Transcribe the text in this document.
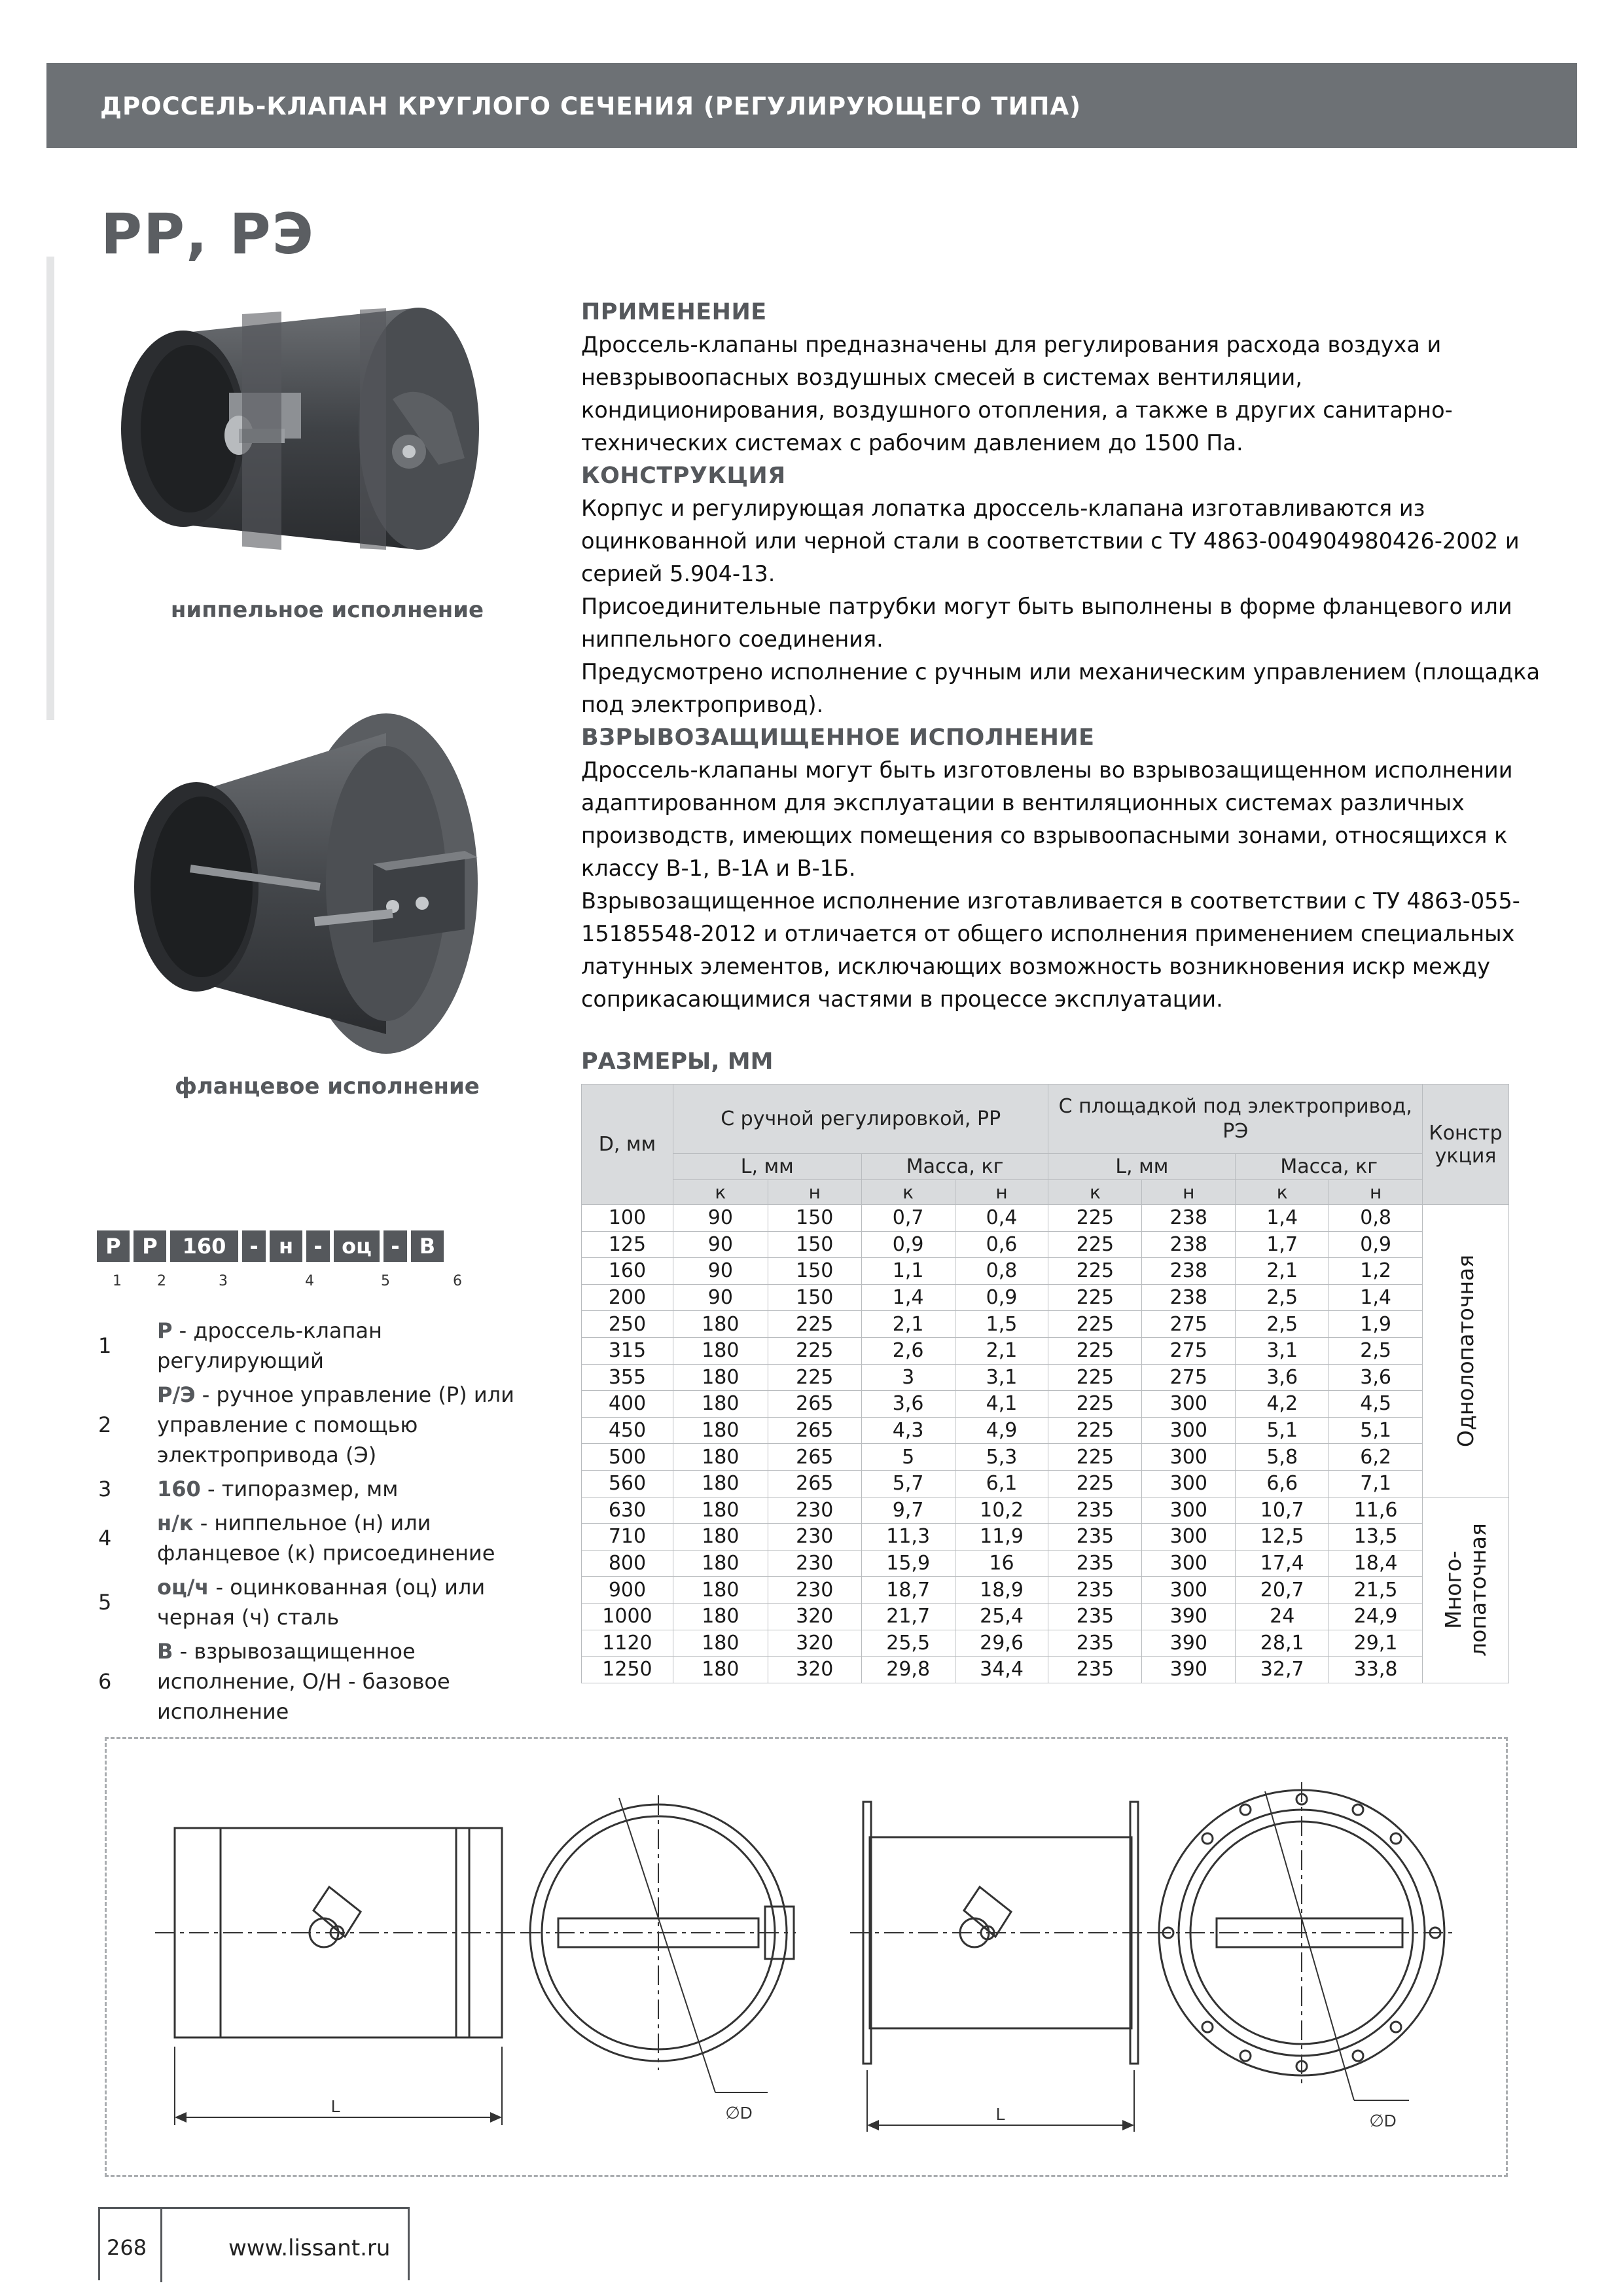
ДРОССЕЛЬ-КЛАПАН КРУГЛОГО СЕЧЕНИЯ (РЕГУЛИРУЮЩЕГО ТИПА)
РР, РЭ
ниппельное исполнение
фланцевое исполнение
ПРИМЕНЕНИЕ
Дроссель-клапаны предназначены для регулирования расхода воздуха и невзрывоопасных воздушных смесей в системах вентиляции, кондиционирования, воздушного отопления, а также в других санитарно-технических системах с рабочим давлением до 1500 Па.
КОНСТРУКЦИЯ
Корпус и регулирующая лопатка дроссель-клапана изготавливаются из оцинкованной или черной стали в соответствии с ТУ 4863-004904980426-2002 и серией 5.904-13.
Присоединительные патрубки могут быть выполнены в форме фланцевого или ниппельного соединения.
Предусмотрено исполнение с ручным или механическим управлением (площадка под электропривод).
ВЗРЫВОЗАЩИЩЕННОЕ ИСПОЛНЕНИЕ
Дроссель-клапаны могут быть изготовлены во взрывозащищенном исполнении адаптированном для эксплуатации в вентиляционных системах различных производств, имеющих помещения со взрывоопасными зонами, относящихся к классу В-1, В-1А и В-1Б.
Взрывозащищенное исполнение изготавливается в соответствии с ТУ 4863-055-15185548-2012 и отличается от общего исполнения применением специальных латунных элементов, исключающих возможность возникновения искр между соприкасающимися частями в процессе эксплуатации.
РАЗМЕРЫ, ММ
D, мм	С ручной регулировкой, РР				С площадкой под электропривод, РЭ				Конструкция
	L, мм		Масса, кг		L, мм		Масса, кг		
	к	н	к	н	к	н	к	н	
100	90	150	0,7	0,4	225	238	1,4	0,8	Однолопаточная

125	90	150	0,9	0,6	225	238	1,7	0,9	
160	90	150	1,1	0,8	225	238	2,1	1,2	
200	90	150	1,4	0,9	225	238	2,5	1,4	
250	180	225	2,1	1,5	225	275	2,5	1,9	
315	180	225	2,6	2,1	225	275	3,1	2,5	
355	180	225	3	3,1	225	275	3,6	3,6	
400	180	265	3,6	4,1	225	300	4,2	4,5	
450	180	265	4,3	4,9	225	300	5,1	5,1	
500	180	265	5	5,3	225	300	5,8	6,2	
560	180	265	5,7	6,1	225	300	6,6	7,1	
630	180	230	9,7	10,2	235	300	10,7	11,6	Много- лопаточная

710	180	230	11,3	11,9	235	300	12,5	13,5	
800	180	230	15,9	16	235	300	17,4	18,4	
900	180	230	18,7	18,9	235	300	20,7	21,5	
1000	180	320	21,7	25,4	235	390	24	24,9	
1120	180	320	25,5	29,6	235	390	28,1	29,1	
1250	180	320	29,8	34,4	235	390	32,7	33,8	
Р	Р	160	- н - оц - В
1 2	3	4	5	6
1
Р - дроссель-клапан регулирующий
2
Р/Э - ручное управление (Р) или управление с помощью электропривода (Э)
3	160 - типоразмер, мм
4
н/к - ниппельное (н) или фланцевое (к) присоединение
5
оц/ч - оцинкованная (оц) или черная (ч) сталь
6
В - взрывозащищенное исполнение, О/Н - базовое исполнение
L	∅D	L	∅D
268	www.lissant.ru
